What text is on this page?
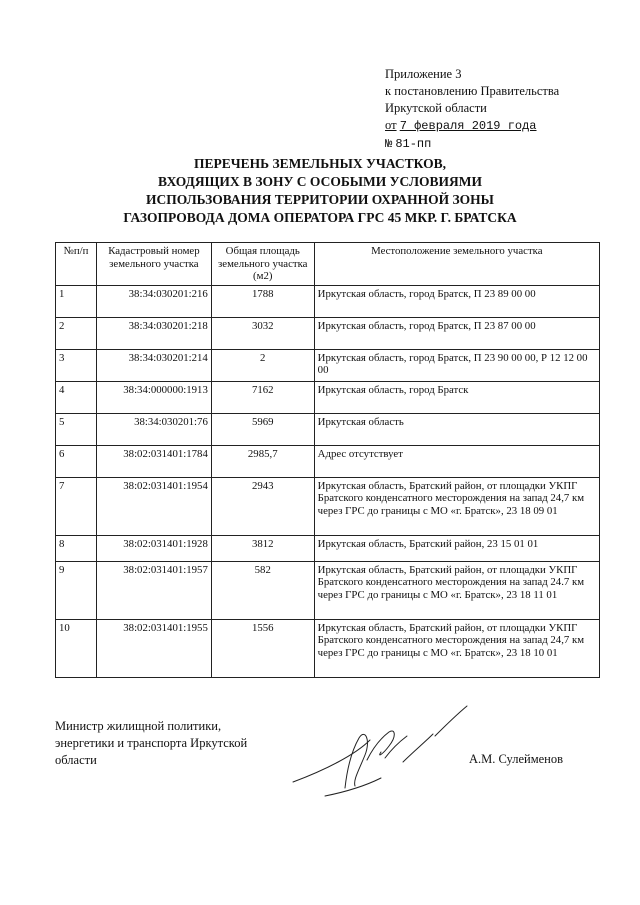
Приложение 3
к постановлению Правительства
Иркутской области
от 7 февраля 2019 года
№ 81-пп
ПЕРЕЧЕНЬ ЗЕМЕЛЬНЫХ УЧАСТКОВ,
ВХОДЯЩИХ В ЗОНУ С ОСОБЫМИ УСЛОВИЯМИ
ИСПОЛЬЗОВАНИЯ ТЕРРИТОРИИ ОХРАННОЙ ЗОНЫ
ГАЗОПРОВОДА ДОМА ОПЕРАТОРА ГРС 45 МКР. Г. БРАТСКА
№п/п	Кадастровый номер земельного участка	Общая площадь земельного участка (м2)	Местоположение земельного участка
1	38:34:030201:216	1788	Иркутская область, город Братск, П 23 89 00 00
2	38:34:030201:218	3032	Иркутская область, город Братск, П 23 87 00 00
3	38:34:030201:214	2	Иркутская область, город Братск, П 23 90 00 00, Р 12 12 00 00
4	38:34:000000:1913	7162	Иркутская область, город Братск
5	38:34:030201:76	5969	Иркутская область
6	38:02:031401:1784	2985,7	Адрес отсутствует
7	38:02:031401:1954	2943	Иркутская область, Братский район, от площадки УКПГ Братского конденсатного месторождения на запад 24,7 км через ГРС до границы с МО «г. Братск», 23 18 09 01
8	38:02:031401:1928	3812	Иркутская область, Братский район, 23 15 01 01
9	38:02:031401:1957	582	Иркутская область, Братский район, от площадки УКПГ Братского конденсатного месторождения на запад 24.7 км через ГРС до границы с МО «г. Братск», 23 18 11 01
10	38:02:031401:1955	1556	Иркутская область, Братский район, от площадки УКПГ Братского конденсатного месторождения на запад 24,7 км через ГРС до границы с МО «г. Братск», 23 18 10 01
Министр жилищной политики,
энергетики и транспорта Иркутской
области	А.М. Сулейменов
